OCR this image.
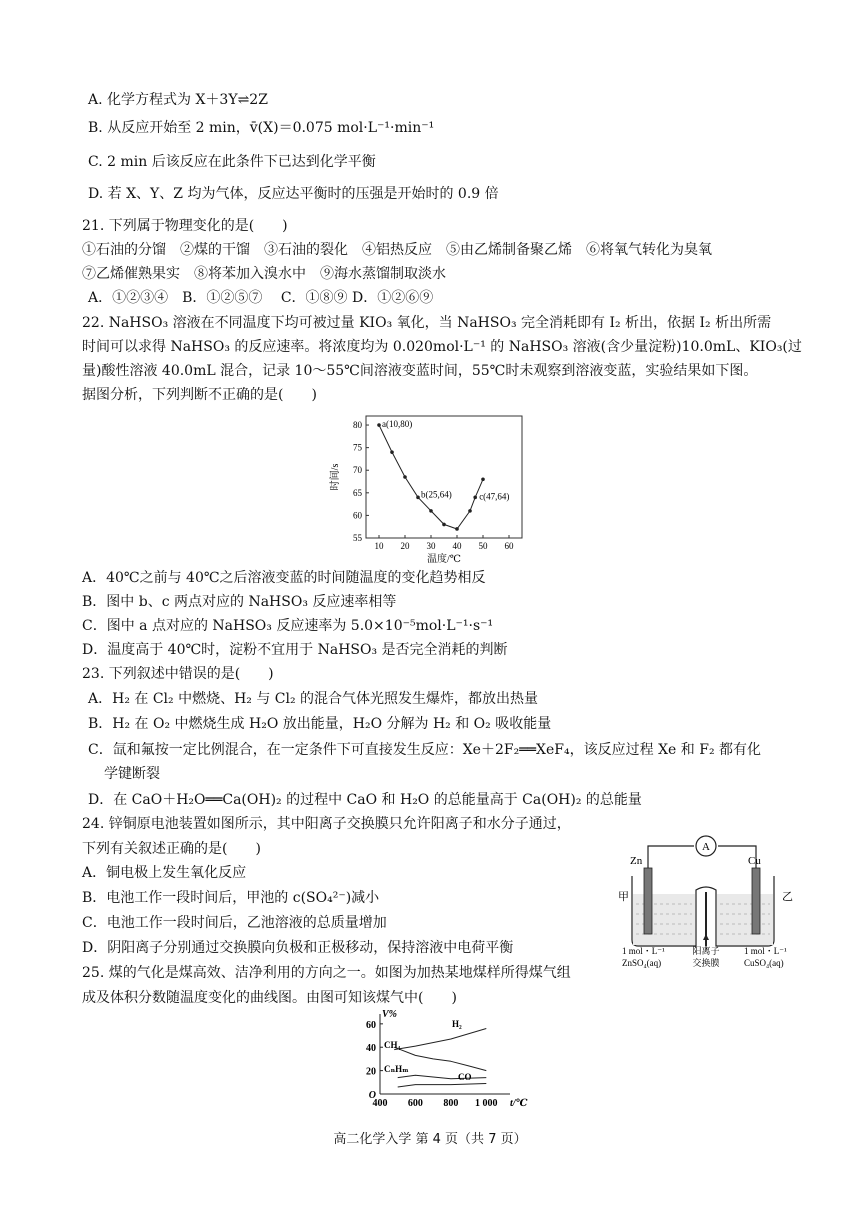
A. 化学方程式为 X＋3Y⇌2Z
B. 从反应开始至 2 min，v̄(X)＝0.075 mol·L⁻¹·min⁻¹
C. 2 min 后该反应在此条件下已达到化学平衡
D. 若 X、Y、Z 均为气体，反应达平衡时的压强是开始时的 0.9 倍
21. 下列属于物理变化的是(　　)
①石油的分馏　②煤的干馏　③石油的裂化　④铝热反应　⑤由乙烯制备聚乙烯　⑥将氧气转化为臭氧
⑦乙烯催熟果实　⑧将苯加入溴水中　⑨海水蒸馏制取淡水
A．①②③④　B．①②⑤⑦　 C．①⑧⑨ D．①②⑥⑨
22. NaHSO₃ 溶液在不同温度下均可被过量 KIO₃ 氧化，当 NaHSO₃ 完全消耗即有 I₂ 析出，依据 I₂ 析出所需
时间可以求得 NaHSO₃ 的反应速率。将浓度均为 0.020mol·L⁻¹ 的 NaHSO₃ 溶液(含少量淀粉)10.0mL、KIO₃(过
量)酸性溶液 40.0mL 混合，记录 10～55℃间溶液变蓝时间，55℃时未观察到溶液变蓝，实验结果如下图。
据图分析，下列判断不正确的是(　　)
10 20 30 40 50 60
55
60
65
70
75
80
温度/℃
时间/s
a(10,80)
b(25,64)	c(47,64)
A．40℃之前与 40℃之后溶液变蓝的时间随温度的变化趋势相反
B．图中 b、c 两点对应的 NaHSO₃ 反应速率相等
C．图中 a 点对应的 NaHSO₃ 反应速率为 5.0×10⁻⁵mol·L⁻¹·s⁻¹
D．温度高于 40℃时，淀粉不宜用于 NaHSO₃ 是否完全消耗的判断
23. 下列叙述中错误的是(　　)
A．H₂ 在 Cl₂ 中燃烧、H₂ 与 Cl₂ 的混合气体光照发生爆炸，都放出热量
B．H₂ 在 O₂ 中燃烧生成 H₂O 放出能量，H₂O 分解为 H₂ 和 O₂ 吸收能量
C．氙和氟按一定比例混合，在一定条件下可直接发生反应：Xe＋2F₂══XeF₄，该反应过程 Xe 和 F₂ 都有化
学键断裂
D．在 CaO＋H₂O══Ca(OH)₂ 的过程中 CaO 和 H₂O 的总能量高于 Ca(OH)₂ 的总能量
24. 锌铜原电池装置如图所示，其中阳离子交换膜只允许阳离子和水分子通过，
下列有关叙述正确的是(　　)
A．铜电极上发生氧化反应
B．电池工作一段时间后，甲池的 c(SO₄²⁻)减小
C．电池工作一段时间后，乙池溶液的总质量增加
D．阴阳离子分别通过交换膜向负极和正极移动，保持溶液中电荷平衡
A
Zn	Cu
甲	乙
阳离子
交换膜
1 mol・L⁻¹
ZnSO₄(aq)
1 mol・L⁻¹
CuSO₄(aq)
25. 煤的气化是煤高效、洁净利用的方向之一。如图为加热某地煤样所得煤气组
成及体积分数随温度变化的曲线图。由图可知该煤气中(　　)
400 600 800 1 000
O
20
40
60
V%
t/℃
H₂
CH₄
CₙHₘ
CO
高二化学入学 第 4 页（共 7 页）
